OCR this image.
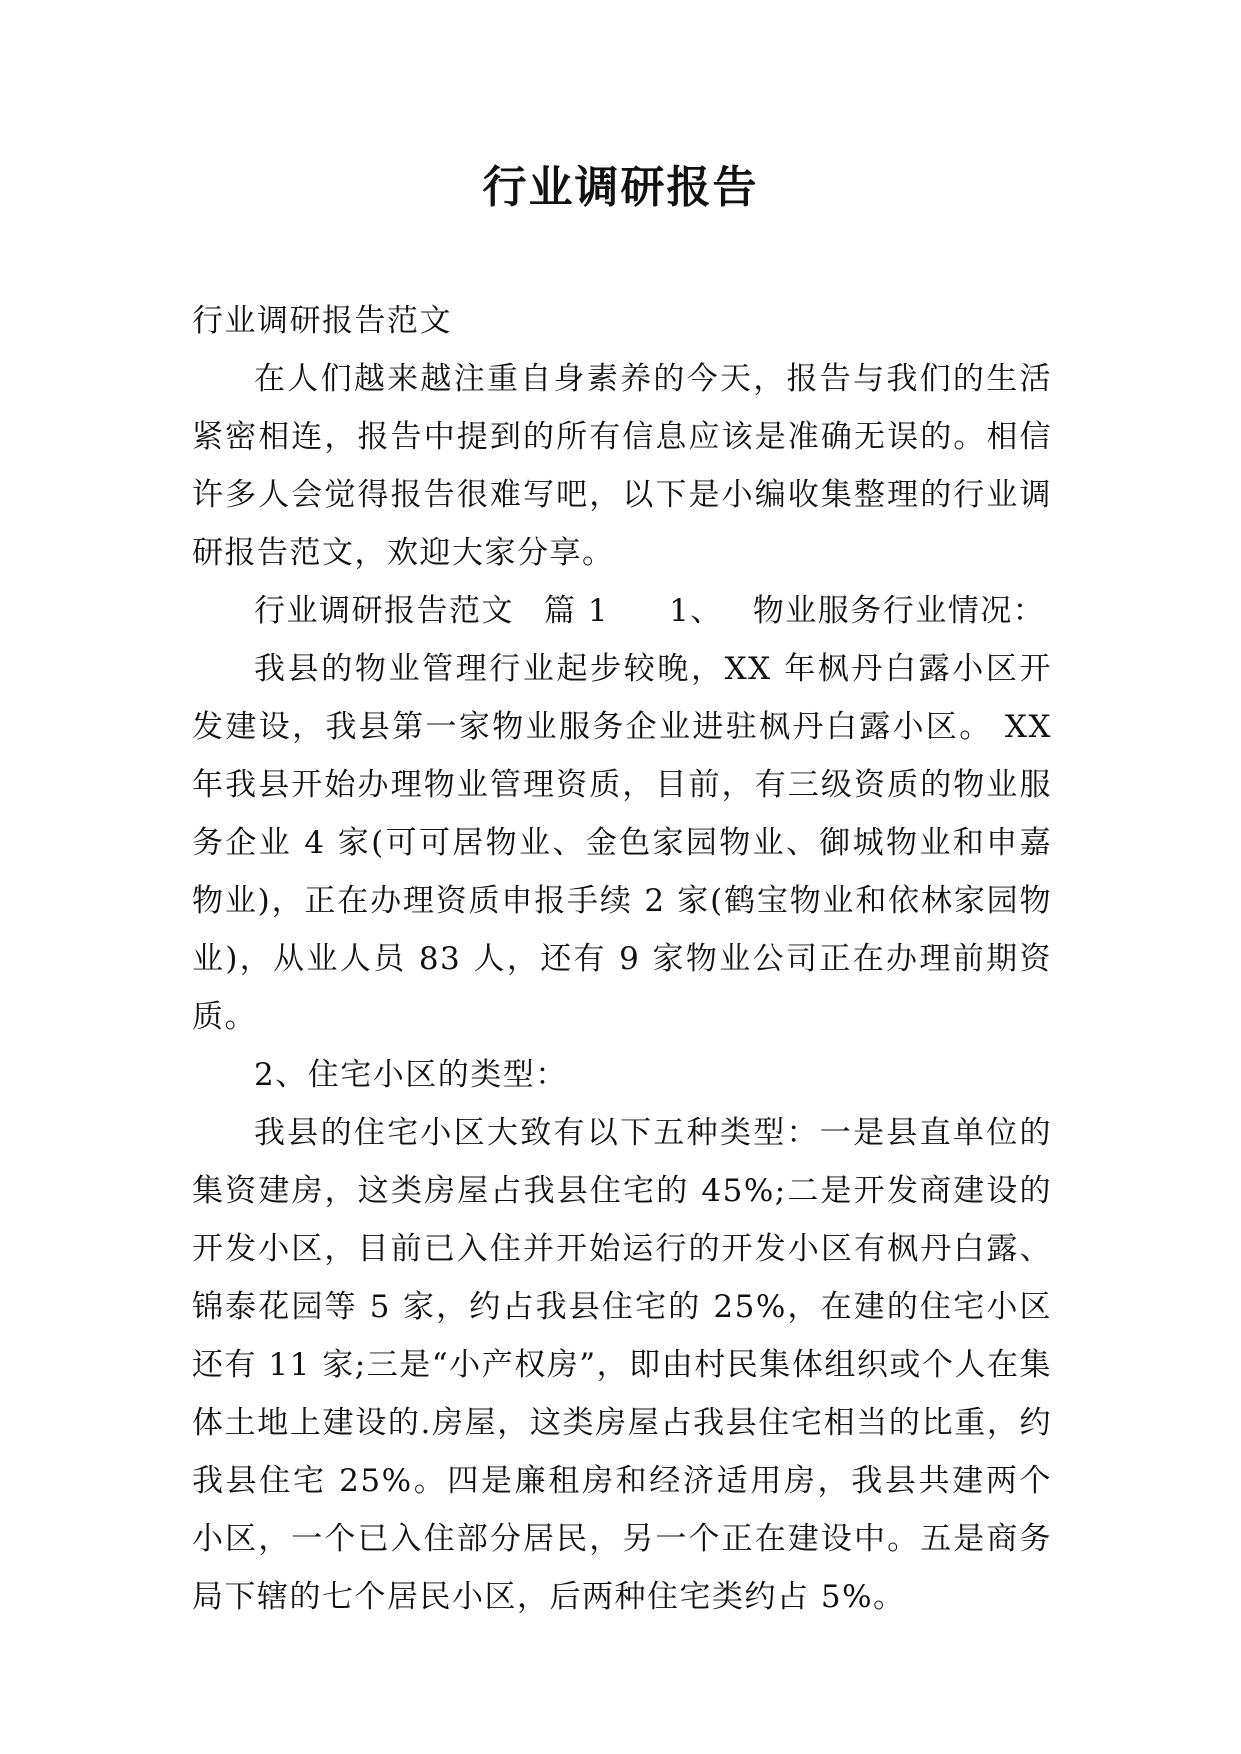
行业调研报告

行业调研报告范文

在人们越来越注重自身素养的今天，报告与我们的生活紧密相连，报告中提到的所有信息应该是准确无误的。相信许多人会觉得报告很难写吧，以下是小编收集整理的行业调研报告范文，欢迎大家分享。

行业调研报告范文 篇 1 1、 物业服务行业情况：

我县的物业管理行业起步较晚，XX 年枫丹白露小区开发建设，我县第一家物业服务企业进驻枫丹白露小区。 XX 年我县开始办理物业管理资质，目前，有三级资质的物业服务企业 4 家(可可居物业、金色家园物业、御城物业和申嘉物业)，正在办理资质申报手续 2 家(鹤宝物业和依林家园物业)，从业人员 83 人，还有 9 家物业公司正在办理前期资质。

2、住宅小区的类型：

我县的住宅小区大致有以下五种类型：一是县直单位的集资建房，这类房屋占我县住宅的 45%;二是开发商建设的开发小区，目前已入住并开始运行的开发小区有枫丹白露、锦泰花园等 5 家，约占我县住宅的 25%，在建的住宅小区还有 11 家;三是“小产权房”，即由村民集体组织或个人在集体土地上建设的.房屋，这类房屋占我县住宅相当的比重，约我县住宅 25%。四是廉租房和经济适用房，我县共建两个小区，一个已入住部分居民，另一个正在建设中。五是商务局下辖的七个居民小区，后两种住宅类约占 5%。
